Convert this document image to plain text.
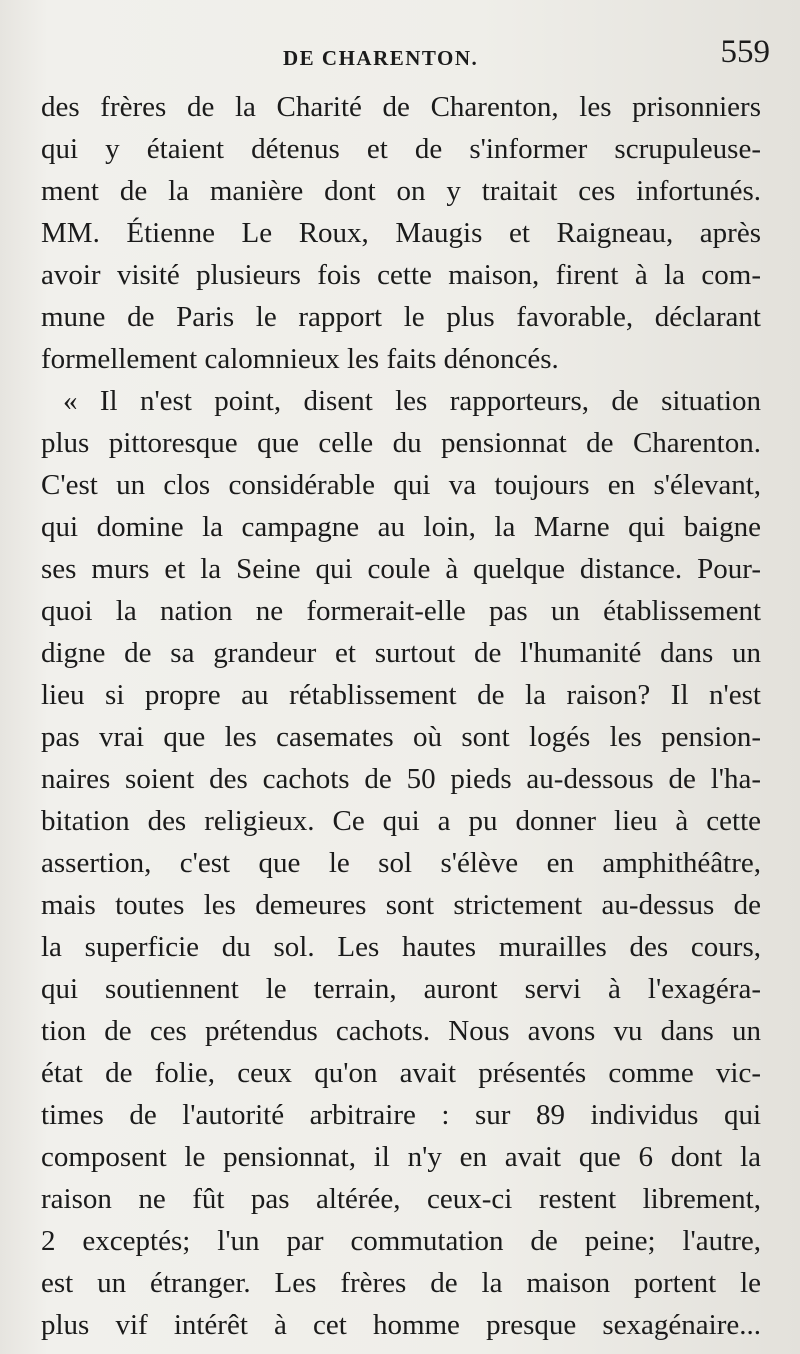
DE CHARENTON.	559
des frères de la Charité de Charenton, les prisonniers
qui y étaient détenus et de s'informer scrupuleuse-
ment de la manière dont on y traitait ces infortunés.
MM. Étienne Le Roux, Maugis et Raigneau, après
avoir visité plusieurs fois cette maison, firent à la com-
mune de Paris le rapport le plus favorable, déclarant
formellement calomnieux les faits dénoncés.
« Il n'est point, disent les rapporteurs, de situation
plus pittoresque que celle du pensionnat de Charenton.
C'est un clos considérable qui va toujours en s'élevant,
qui domine la campagne au loin, la Marne qui baigne
ses murs et la Seine qui coule à quelque distance. Pour-
quoi la nation ne formerait-elle pas un établissement
digne de sa grandeur et surtout de l'humanité dans un
lieu si propre au rétablissement de la raison? Il n'est
pas vrai que les casemates où sont logés les pension-
naires soient des cachots de 50 pieds au-dessous de l'ha-
bitation des religieux. Ce qui a pu donner lieu à cette
assertion, c'est que le sol s'élève en amphithéâtre,
mais toutes les demeures sont strictement au-dessus de
la superficie du sol. Les hautes murailles des cours,
qui soutiennent le terrain, auront servi à l'exagéra-
tion de ces prétendus cachots. Nous avons vu dans un
état de folie, ceux qu'on avait présentés comme vic-
times de l'autorité arbitraire : sur 89 individus qui
composent le pensionnat, il n'y en avait que 6 dont la
raison ne fût pas altérée, ceux-ci restent librement,
2 exceptés; l'un par commutation de peine; l'autre,
est un étranger. Les frères de la maison portent le
plus vif intérêt à cet homme presque sexagénaire...
